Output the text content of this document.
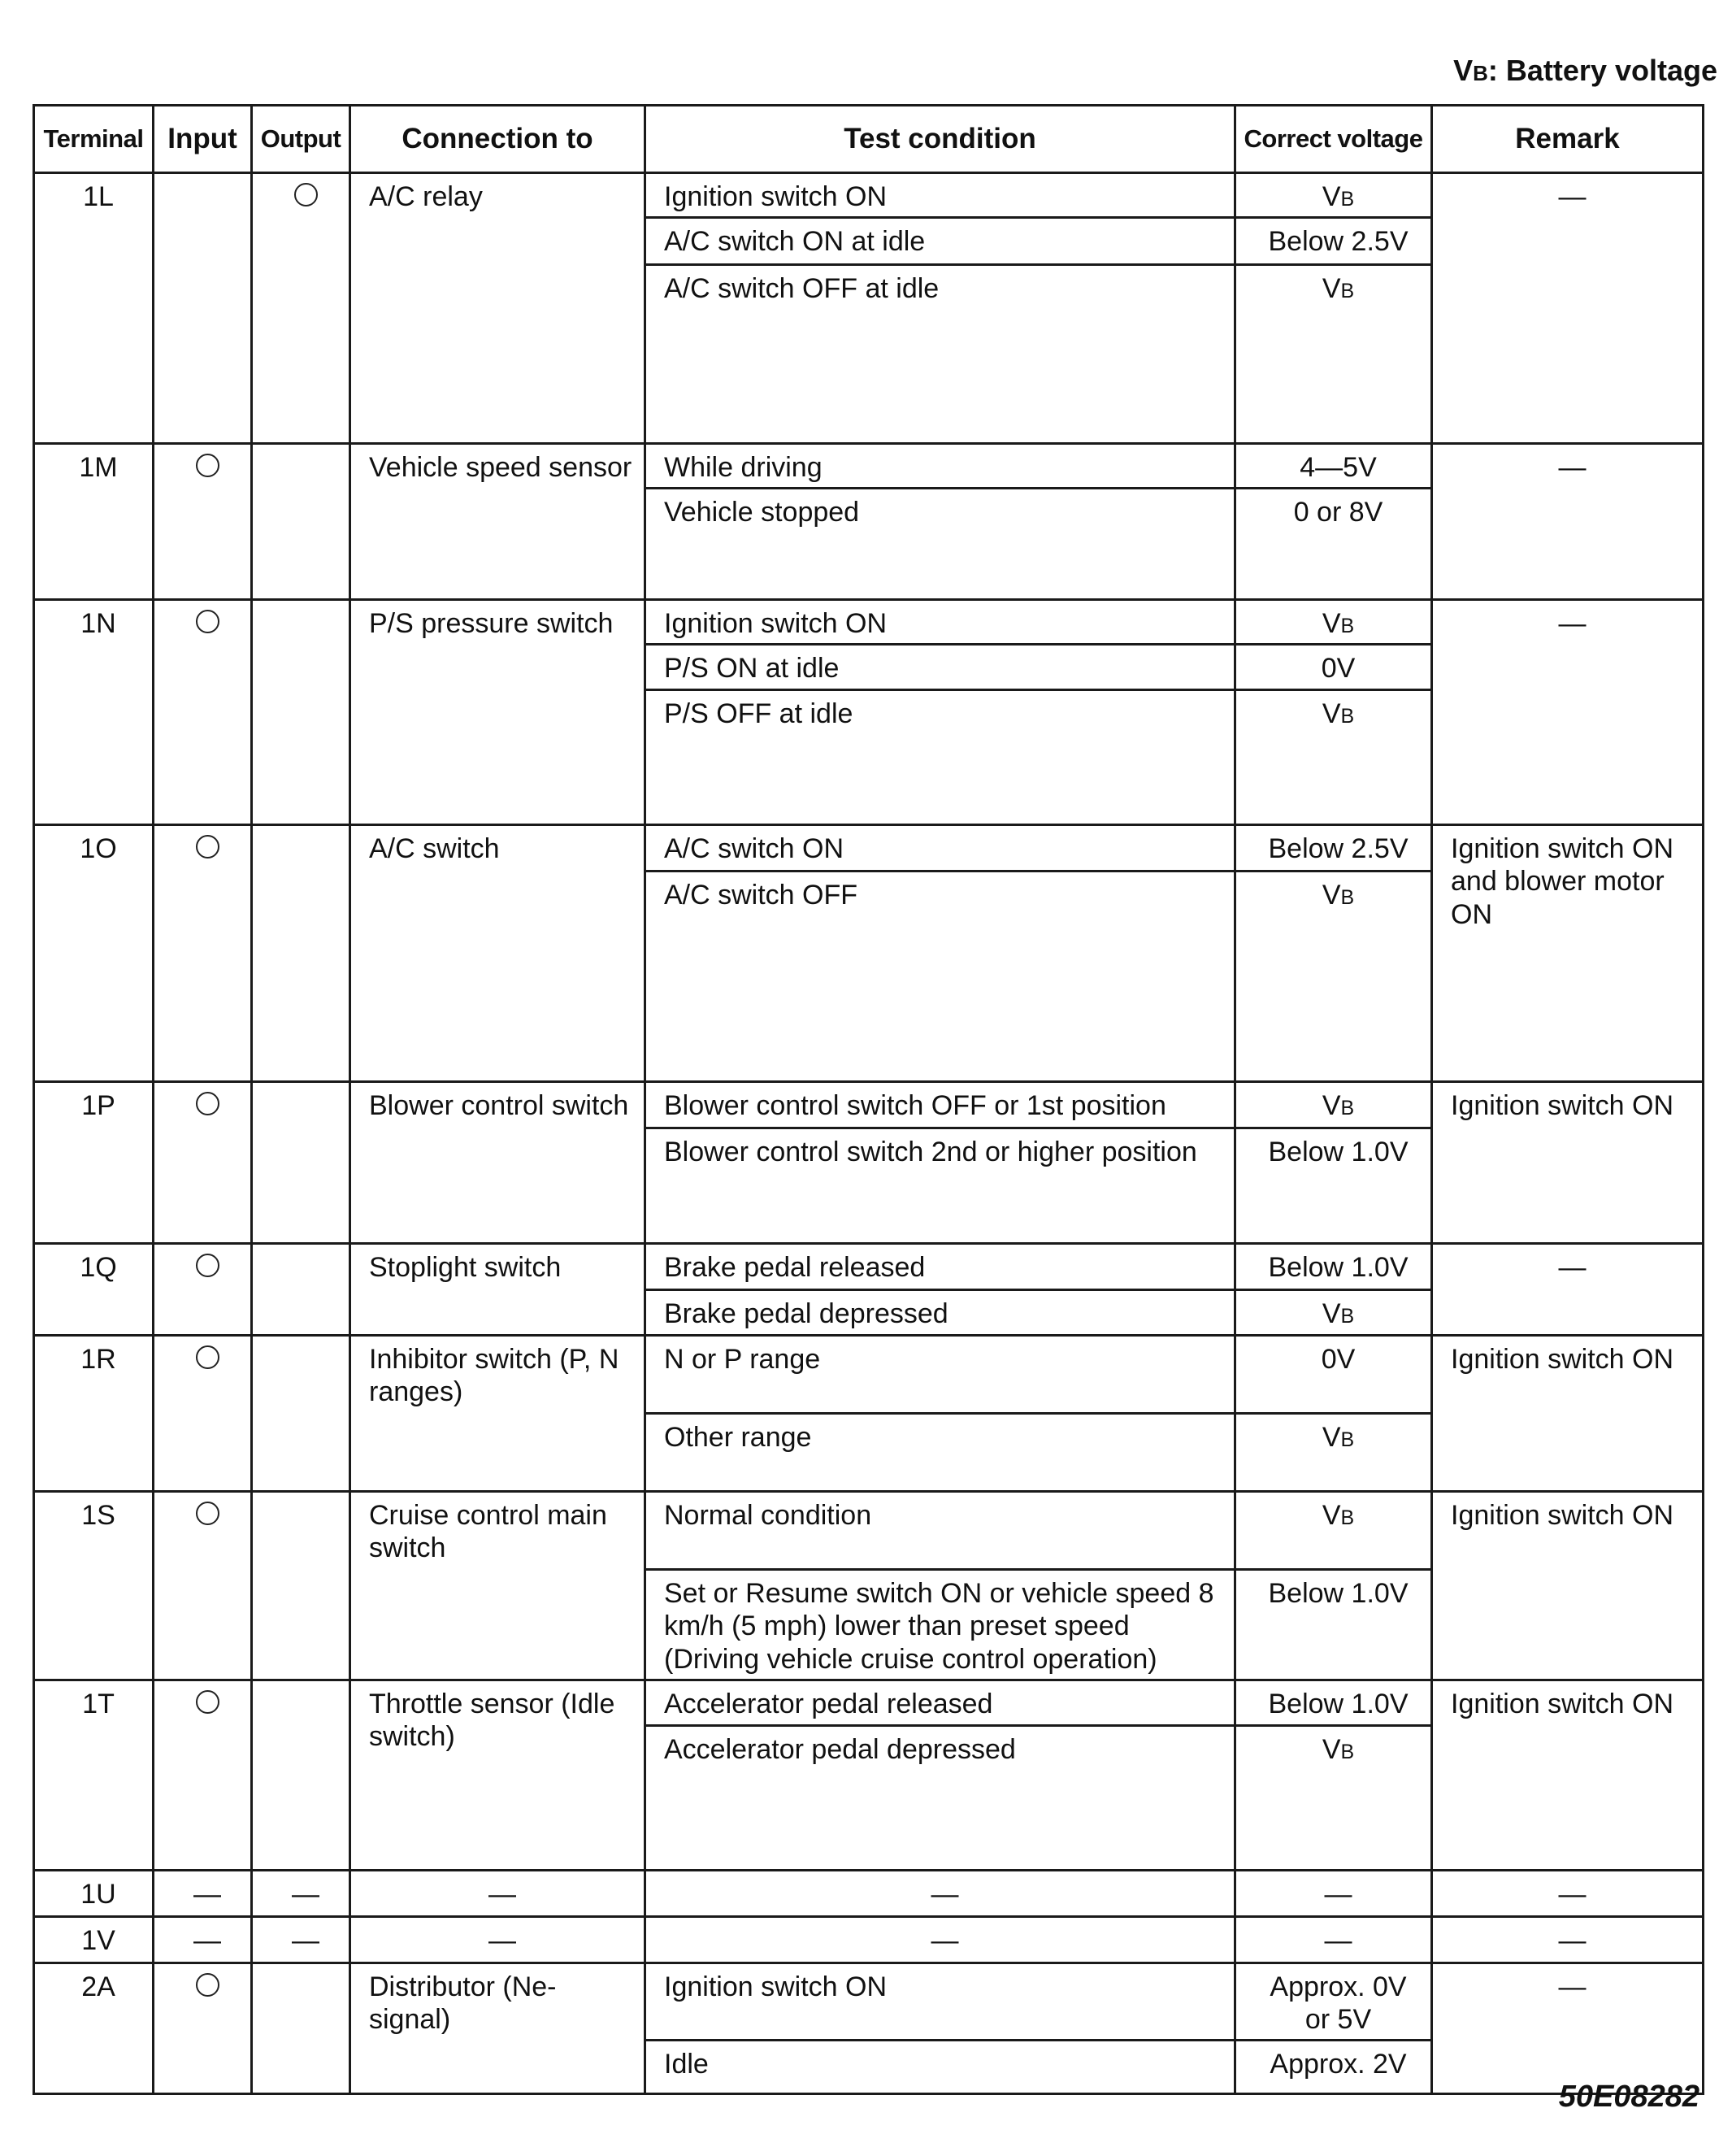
VB: Battery voltage
Terminal	Input	Output	Connection to	Test condition	Correct voltage	Remark
1L			A/C relay	Ignition switch ON	VB	—
				A/C switch ON at idle	Below 2.5V	
				A/C switch OFF at idle	VB	
1M			Vehicle speed sensor	While driving	4—5V	—
				Vehicle stopped	0 or 8V	
1N			P/S pressure switch	Ignition switch ON	VB	—
				P/S ON at idle	0V	
				P/S OFF at idle	VB	
1O			A/C switch	A/C switch ON	Below 2.5V	Ignition switch ON and blower motor ON
				A/C switch OFF	VB	
1P			Blower control switch	Blower control switch OFF or 1st position	VB	Ignition switch ON
				Blower control switch 2nd or higher position	Below 1.0V	
1Q			Stoplight switch	Brake pedal released	Below 1.0V	—
				Brake pedal depressed	VB	
1R			Inhibitor switch (P, N ranges)	N or P range	0V	Ignition switch ON
				Other range	VB	
1S			Cruise control main switch	Normal condition	VB	Ignition switch ON
				Set or Resume switch ON or vehicle speed 8 km/h (5 mph) lower than preset speed (Driving vehicle cruise control operation)	Below 1.0V	
1T			Throttle sensor (Idle switch)	Accelerator pedal released	Below 1.0V	Ignition switch ON
				Accelerator pedal depressed	VB	
1U	—	—	—	—	—	—
1V	—	—	—	—	—	—
2A			Distributor (Ne-signal)	Ignition switch ON	Approx. 0V or 5V	—
				Idle	Approx. 2V	
50E08282
